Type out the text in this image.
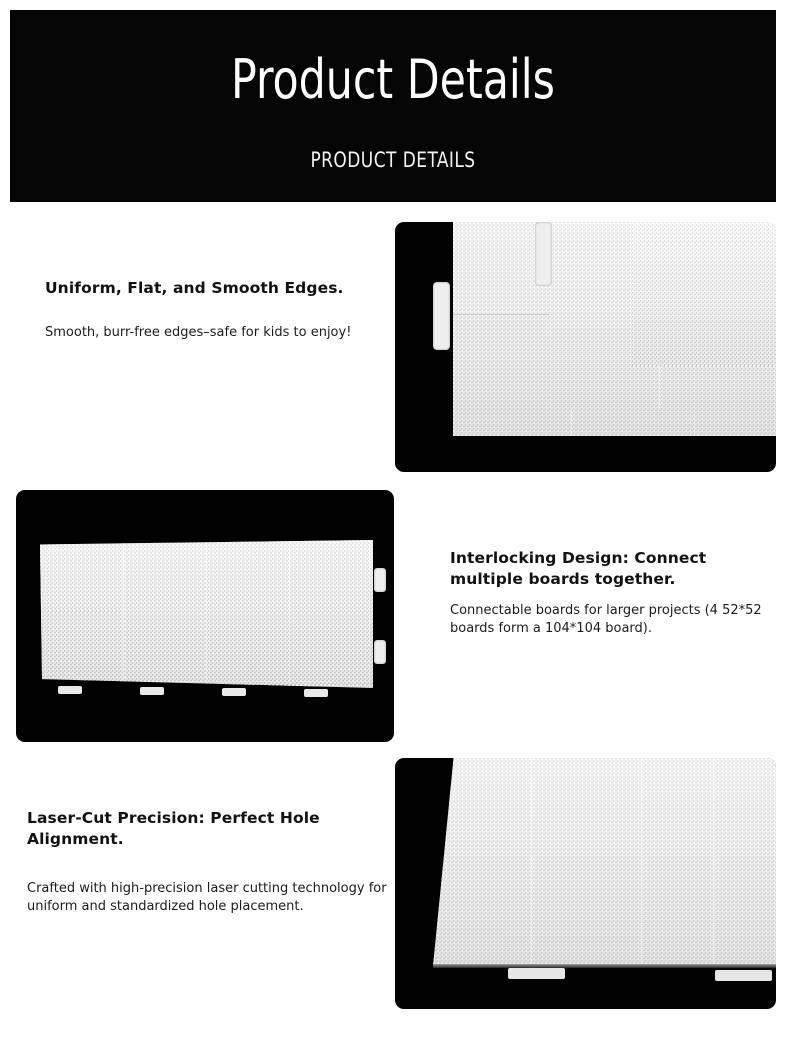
Product Details
PRODUCT DETAILS
Uniform, Flat, and Smooth Edges.

Smooth, burr-free edges–safe for kids to enjoy!

Interlocking Design: Connect multiple boards together.

Connectable boards for larger projects (4 52*52 boards form a 104*104 board).

Laser-Cut Precision: Perfect Hole Alignment.

Crafted with high-precision laser cutting technology for uniform and standardized hole placement.
